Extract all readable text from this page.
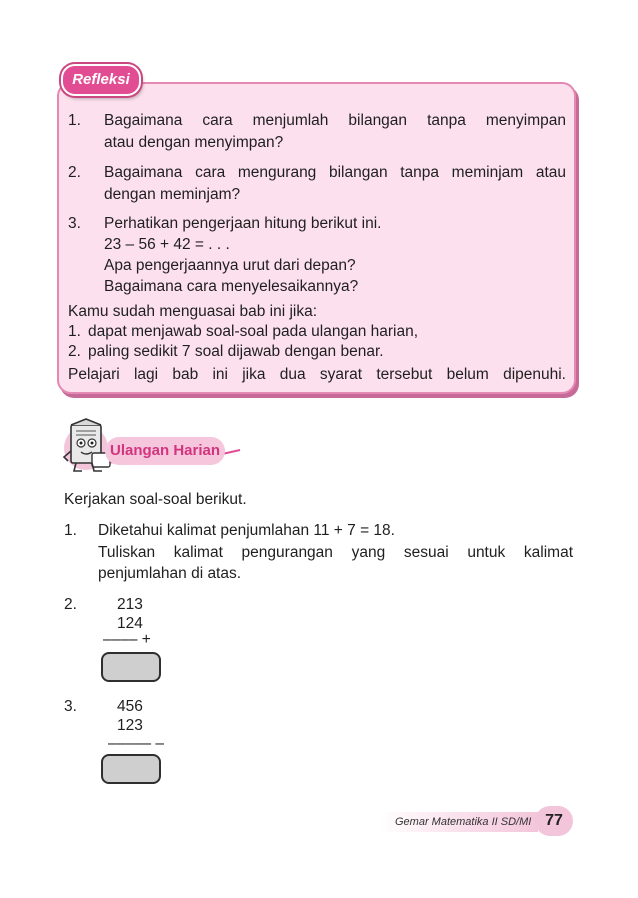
Refleksi
1. Bagaimana cara menjumlah bilangan tanpa menyimpan
atau dengan menyimpan?
2. Bagaimana cara mengurang bilangan tanpa meminjam atau
dengan meminjam?
3. Perhatikan pengerjaan hitung berikut ini.
23 – 56 + 42 = . . .
Apa pengerjaannya urut dari depan?
Bagaimana cara menyelesaikannya?
Kamu sudah menguasai bab ini jika:
1. dapat menjawab soal-soal pada ulangan harian,
2. paling sedikit 7 soal dijawab dengan benar.
Pelajari lagi bab ini jika dua syarat tersebut belum dipenuhi.
Ulangan Harian
Kerjakan soal-soal berikut.
1. Diketahui kalimat penjumlahan 11 + 7 = 18.
Tuliskan kalimat pengurangan yang sesuai untuk kalimat
penjumlahan di atas.
2.	213
124
–––– +
3.	456
123
––––– –
Gemar Matematika II SD/MI 77
